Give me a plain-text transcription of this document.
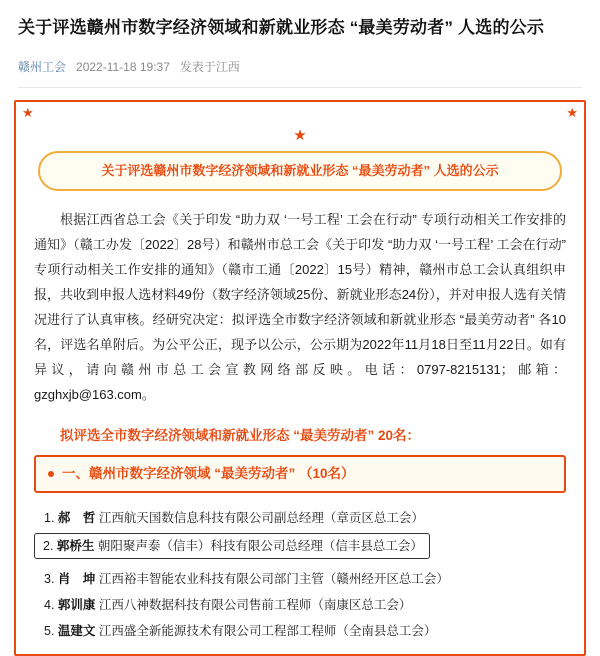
关于评选赣州市数字经济领域和新就业形态 “最美劳动者” 人选的公示
赣州工会 2022-11-18 19:37 发表于江西
★	★
★
关于评选赣州市数字经济领域和新就业形态 “最美劳动者” 人选的公示

根据江西省总工会《关于印发 “助力双 ‘一号工程’ 工会在行动” 专项行动相关工作安排的通知》（赣工办发〔2022〕28号）和赣州市总工会《关于印发 “助力双 ‘一号工程’ 工会在行动” 专项行动相关工作安排的通知》（赣市工通〔2022〕15号）精神，赣州市总工会认真组织申报，共收到申报人选材料49份（数字经济领域25份、新就业形态24份），并对申报人选有关情况进行了认真审核。经研究决定：拟评选全市数字经济领域和新就业形态 “最美劳动者” 各10名，评选名单附后。为公平公正，现予以公示，公示期为2022年11月18日至11月22日。如有异议，请向赣州市总工会宣教网络部反映。电话：0797-8215131；邮箱：gzghxjb@163.com。

拟评选全市数字经济领域和新就业形态 “最美劳动者” 20名：
一、赣州市数字经济领域 “最美劳动者” （10名）
1. 郝　哲 江西航天国数信息科技有限公司副总经理（章贡区总工会）
2. 郭桥生 朝阳聚声泰（信丰）科技有限公司总经理（信丰县总工会）
3. 肖　坤 江西裕丰智能农业科技有限公司部门主管（赣州经开区总工会）
4. 郭训康 江西八神数据科技有限公司售前工程师（南康区总工会）
5. 温建文 江西盛全新能源技术有限公司工程部工程师（全南县总工会）
